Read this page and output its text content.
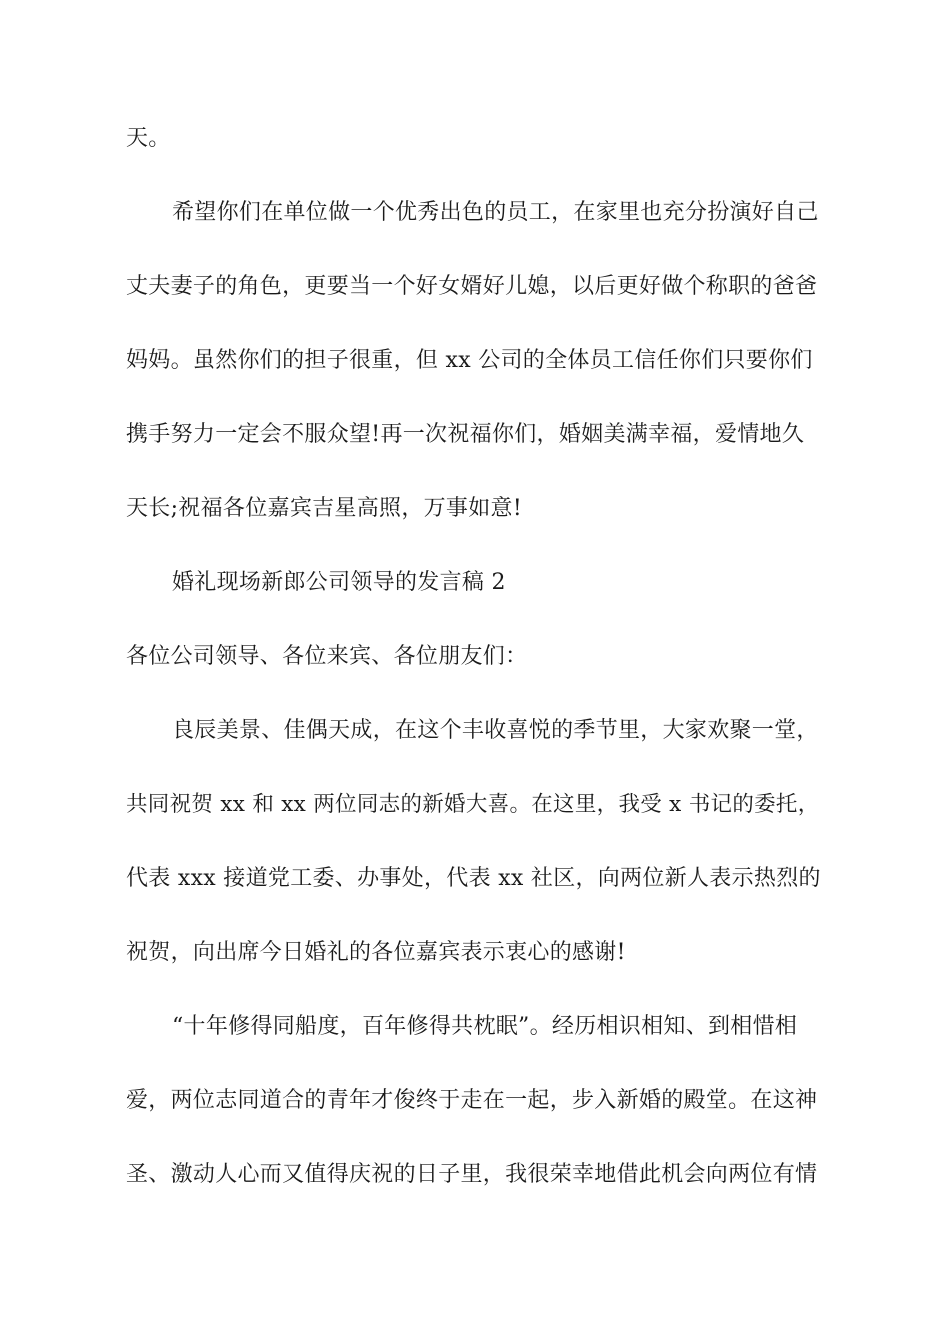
天。
希望你们在单位做一个优秀出色的员工，在家里也充分扮演好自己
丈夫妻子的角色，更要当一个好女婿好儿媳，以后更好做个称职的爸爸
妈妈。虽然你们的担子很重，但 xx 公司的全体员工信任你们只要你们
携手努力一定会不服众望!再一次祝福你们，婚姻美满幸福，爱情地久
天长;祝福各位嘉宾吉星高照，万事如意!
婚礼现场新郎公司领导的发言稿 2
各位公司领导、各位来宾、各位朋友们：
良辰美景、佳偶天成，在这个丰收喜悦的季节里，大家欢聚一堂，
共同祝贺 xx 和 xx 两位同志的新婚大喜。在这里，我受 x 书记的委托，
代表 xxx 接道党工委、办事处，代表 xx 社区，向两位新人表示热烈的
祝贺，向出席今日婚礼的各位嘉宾表示衷心的感谢!
“十年修得同船度，百年修得共枕眠”。经历相识相知、到相惜相
爱，两位志同道合的青年才俊终于走在一起，步入新婚的殿堂。在这神
圣、激动人心而又值得庆祝的日子里，我很荣幸地借此机会向两位有情
